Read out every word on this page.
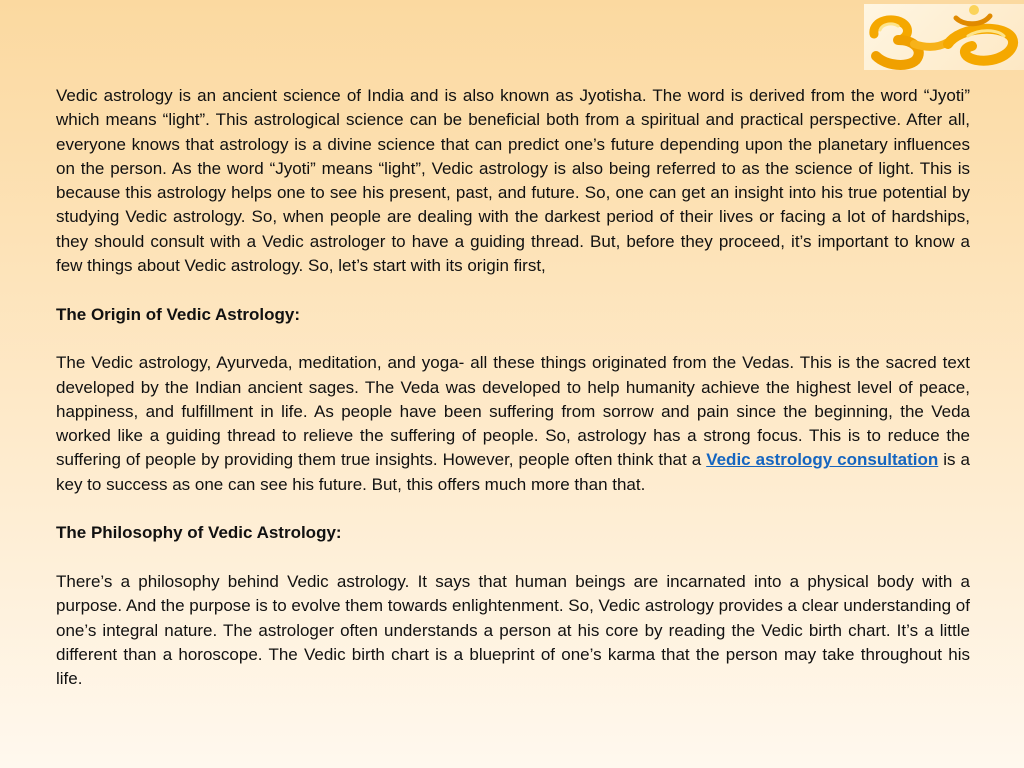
Vedic astrology is an ancient science of India and is also known as Jyotisha. The word is derived from the word “Jyoti” which means “light”. This astrological science can be beneficial both from a spiritual and practical perspective. After all, everyone knows that astrology is a divine science that can predict one’s future depending upon the planetary influences on the person. As the word “Jyoti” means “light”, Vedic astrology is also being referred to as the science of light. This is because this astrology helps one to see his present, past, and future. So, one can get an insight into his true potential by studying Vedic astrology. So, when people are dealing with the darkest period of their lives or facing a lot of hardships, they should consult with a Vedic astrologer to have a guiding thread. But, before they proceed, it’s important to know a few things about Vedic astrology. So, let’s start with its origin first,

The Origin of Vedic Astrology:

The Vedic astrology, Ayurveda, meditation, and yoga- all these things originated from the Vedas. This is the sacred text developed by the Indian ancient sages. The Veda was developed to help humanity achieve the highest level of peace, happiness, and fulfillment in life. As people have been suffering from sorrow and pain since the beginning, the Veda worked like a guiding thread to relieve the suffering of people. So, astrology has a strong focus. This is to reduce the suffering of people by providing them true insights. However, people often think that a Vedic astrology consultation is a key to success as one can see his future. But, this offers much more than that.

The Philosophy of Vedic Astrology:

There’s a philosophy behind Vedic astrology. It says that human beings are incarnated into a physical body with a purpose. And the purpose is to evolve them towards enlightenment. So, Vedic astrology provides a clear understanding of one’s integral nature. The astrologer often understands a person at his core by reading the Vedic birth chart. It’s a little different than a horoscope. The Vedic birth chart is a blueprint of one’s karma that the person may take throughout his life.
